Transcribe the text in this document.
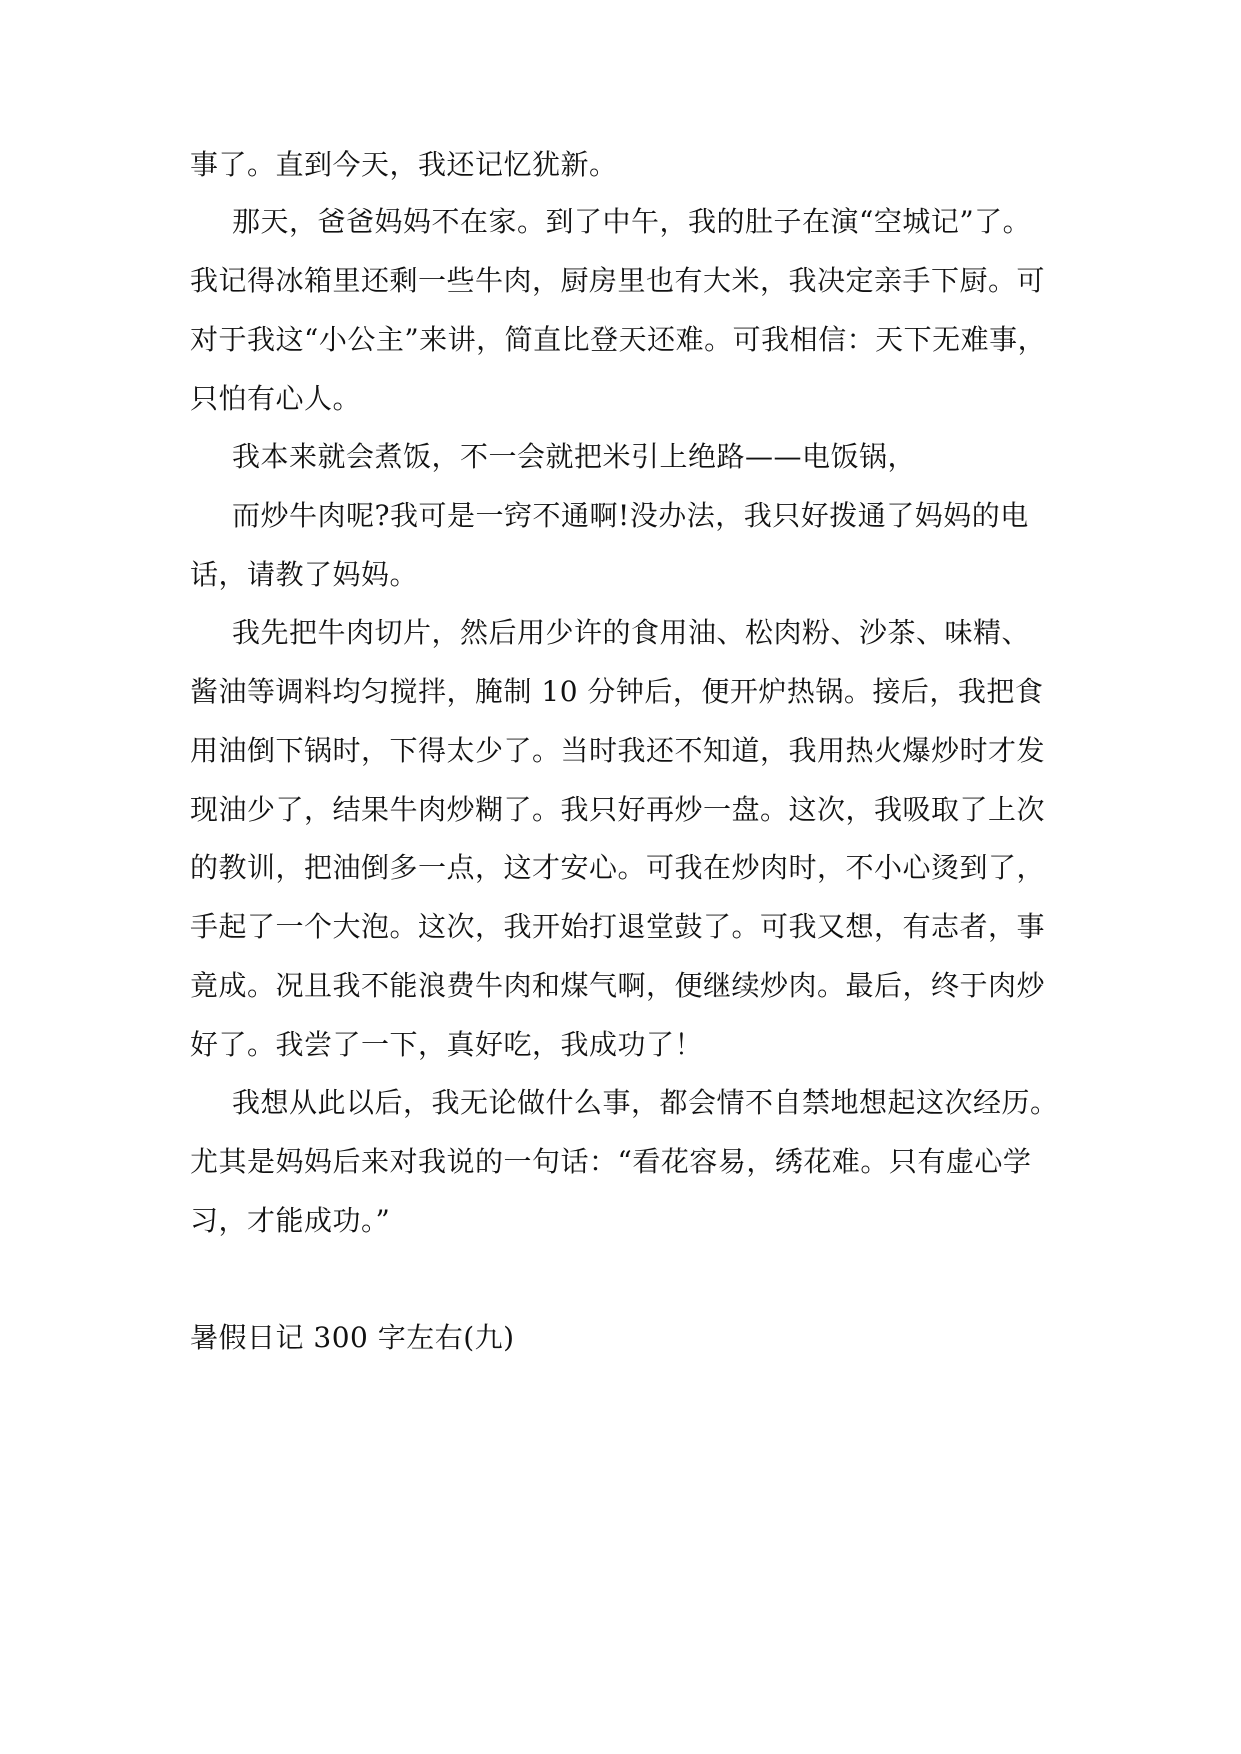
事了。直到今天，我还记忆犹新。
那天，爸爸妈妈不在家。到了中午，我的肚子在演“空城记”了。
我记得冰箱里还剩一些牛肉，厨房里也有大米，我决定亲手下厨。可
对于我这“小公主”来讲，简直比登天还难。可我相信：天下无难事，
只怕有心人。
我本来就会煮饭，不一会就把米引上绝路——电饭锅，
而炒牛肉呢?我可是一窍不通啊!没办法，我只好拨通了妈妈的电
话，请教了妈妈。
我先把牛肉切片，然后用少许的食用油、松肉粉、沙茶、味精、
酱油等调料均匀搅拌，腌制 10 分钟后，便开炉热锅。接后，我把食
用油倒下锅时，下得太少了。当时我还不知道，我用热火爆炒时才发
现油少了，结果牛肉炒糊了。我只好再炒一盘。这次，我吸取了上次
的教训，把油倒多一点，这才安心。可我在炒肉时，不小心烫到了，
手起了一个大泡。这次，我开始打退堂鼓了。可我又想，有志者，事
竟成。况且我不能浪费牛肉和煤气啊，便继续炒肉。最后，终于肉炒
好了。我尝了一下，真好吃，我成功了！
我想从此以后，我无论做什么事，都会情不自禁地想起这次经历。
尤其是妈妈后来对我说的一句话：“看花容易，绣花难。只有虚心学
习，才能成功。”
暑假日记 300 字左右(九)
